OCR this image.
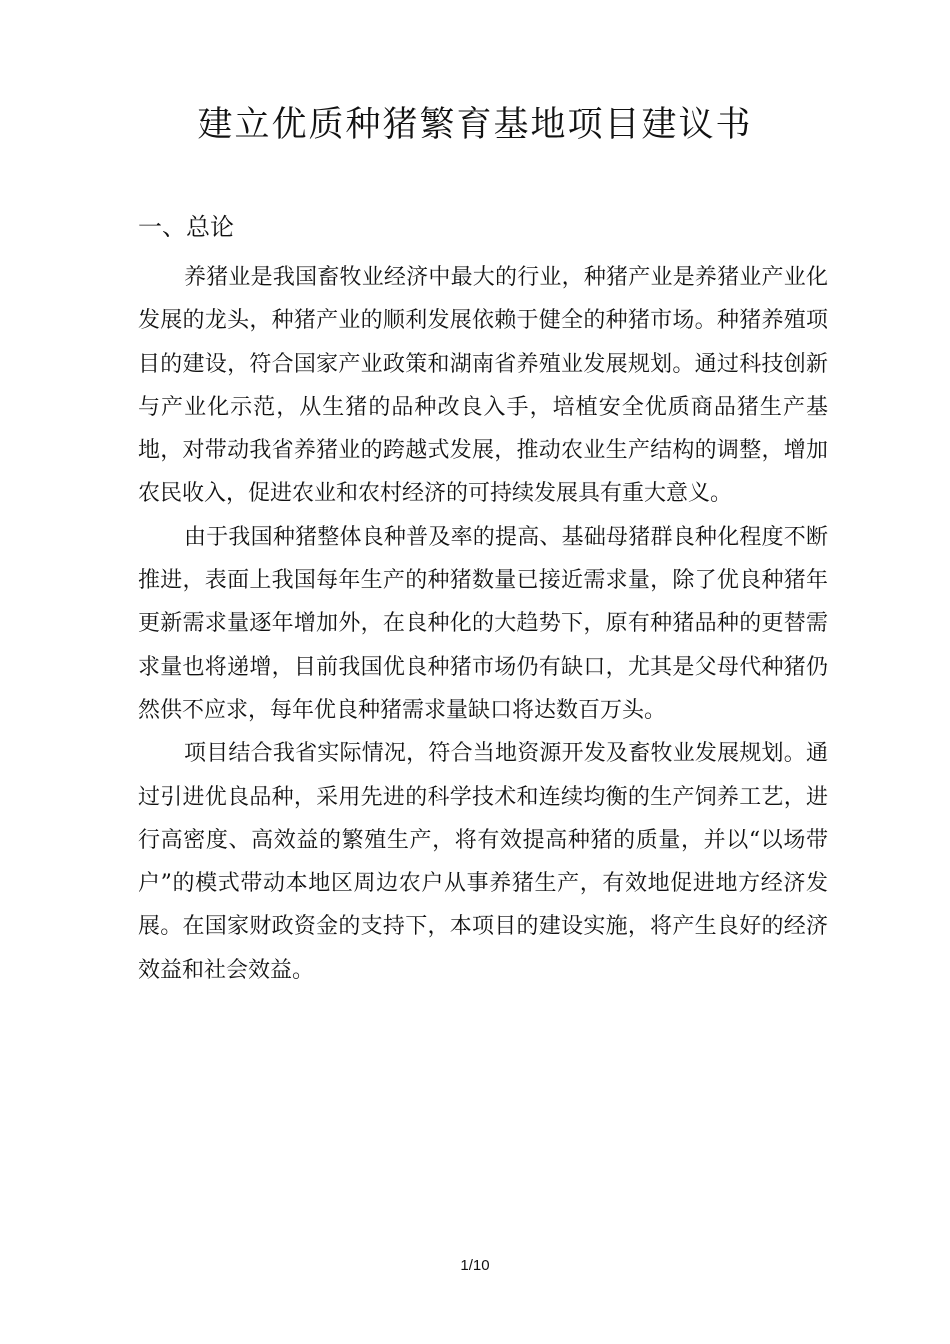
建立优质种猪繁育基地项目建议书
一、总论

养猪业是我国畜牧业经济中最大的行业，种猪产业是养猪业产业化发展的龙头，种猪产业的顺利发展依赖于健全的种猪市场。种猪养殖项目的建设，符合国家产业政策和湖南省养殖业发展规划。通过科技创新与产业化示范，从生猪的品种改良入手，培植安全优质商品猪生产基地，对带动我省养猪业的跨越式发展，推动农业生产结构的调整，增加农民收入，促进农业和农村经济的可持续发展具有重大意义。

由于我国种猪整体良种普及率的提高、基础母猪群良种化程度不断推进，表面上我国每年生产的种猪数量已接近需求量，除了优良种猪年更新需求量逐年增加外，在良种化的大趋势下，原有种猪品种的更替需求量也将递增，目前我国优良种猪市场仍有缺口，尤其是父母代种猪仍然供不应求，每年优良种猪需求量缺口将达数百万头。

项目结合我省实际情况，符合当地资源开发及畜牧业发展规划。通过引进优良品种，采用先进的科学技术和连续均衡的生产饲养工艺，进行高密度、高效益的繁殖生产，将有效提高种猪的质量，并以“以场带户”的模式带动本地区周边农户从事养猪生产，有效地促进地方经济发展。在国家财政资金的支持下，本项目的建设实施，将产生良好的经济效益和社会效益。

1/10
